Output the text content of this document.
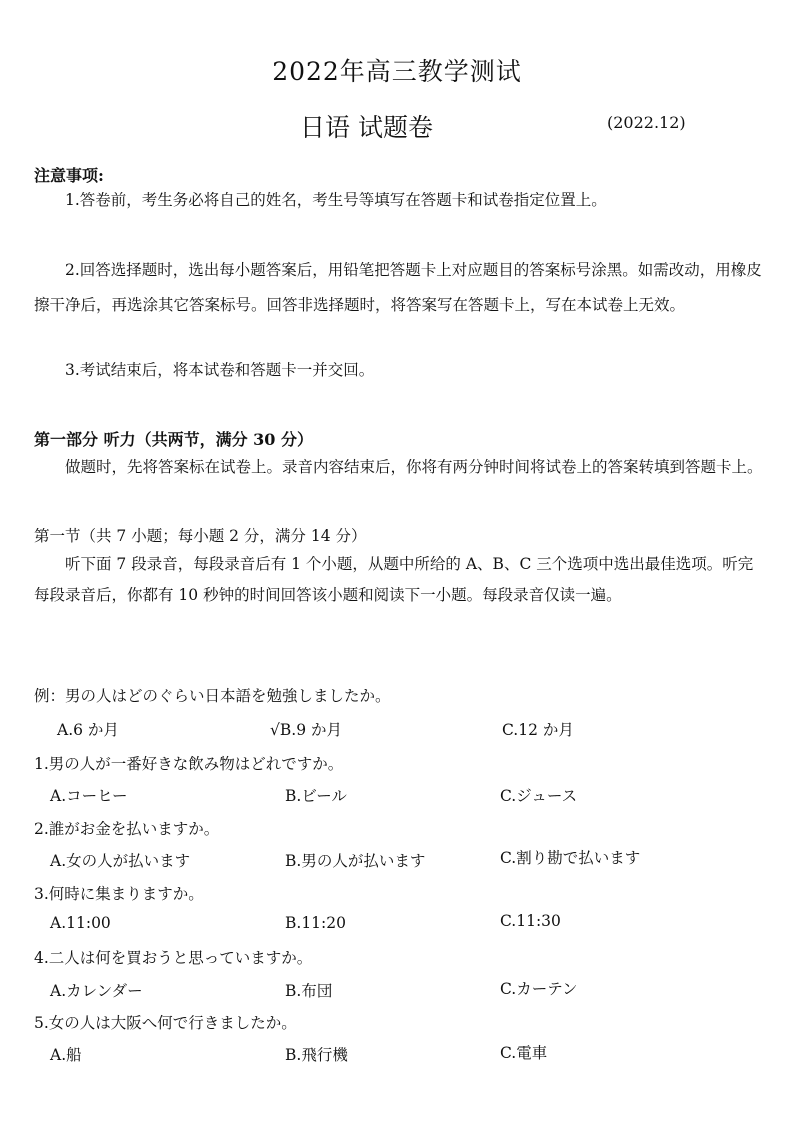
2022年高三教学测试
日语 试题卷	(2022.12)
注意事项:
1.答卷前，考生务必将自己的姓名，考生号等填写在答题卡和试卷指定位置上。
2.回答选择题时，选出每小题答案后，用铅笔把答题卡上对应题目的答案标号涂黑。如需改动，用橡皮擦干净后，再选涂其它答案标号。回答非选择题时，将答案写在答题卡上，写在本试卷上无效。
3.考试结束后，将本试卷和答题卡一并交回。
第一部分 听力（共两节，满分 30 分）
做题时，先将答案标在试卷上。录音内容结束后，你将有两分钟时间将试卷上的答案转填到答题卡上。
第一节（共 7 小题；每小题 2 分，满分 14 分）
听下面 7 段录音，每段录音后有 1 个小题，从题中所给的 A、B、C 三个选项中选出最佳选项。听完每段录音后，你都有 10 秒钟的时间回答该小题和阅读下一小题。每段录音仅读一遍。
例：男の人はどのぐらい日本語を勉強しましたか。
A.6 か月	√B.9 か月	C.12 か月
1.男の人が一番好きな飲み物はどれですか。
A.コーヒー	B.ビール	C.ジュース
2.誰がお金を払いますか。
A.女の人が払います	B.男の人が払います	C.割り勘で払います
3.何時に集まりますか。
A.11:00	B.11:20	C.11:30
4.二人は何を買おうと思っていますか。
A.カレンダー	B.布団	C.カーテン
5.女の人は大阪へ何で行きましたか。
A.船	B.飛行機	C.電車
